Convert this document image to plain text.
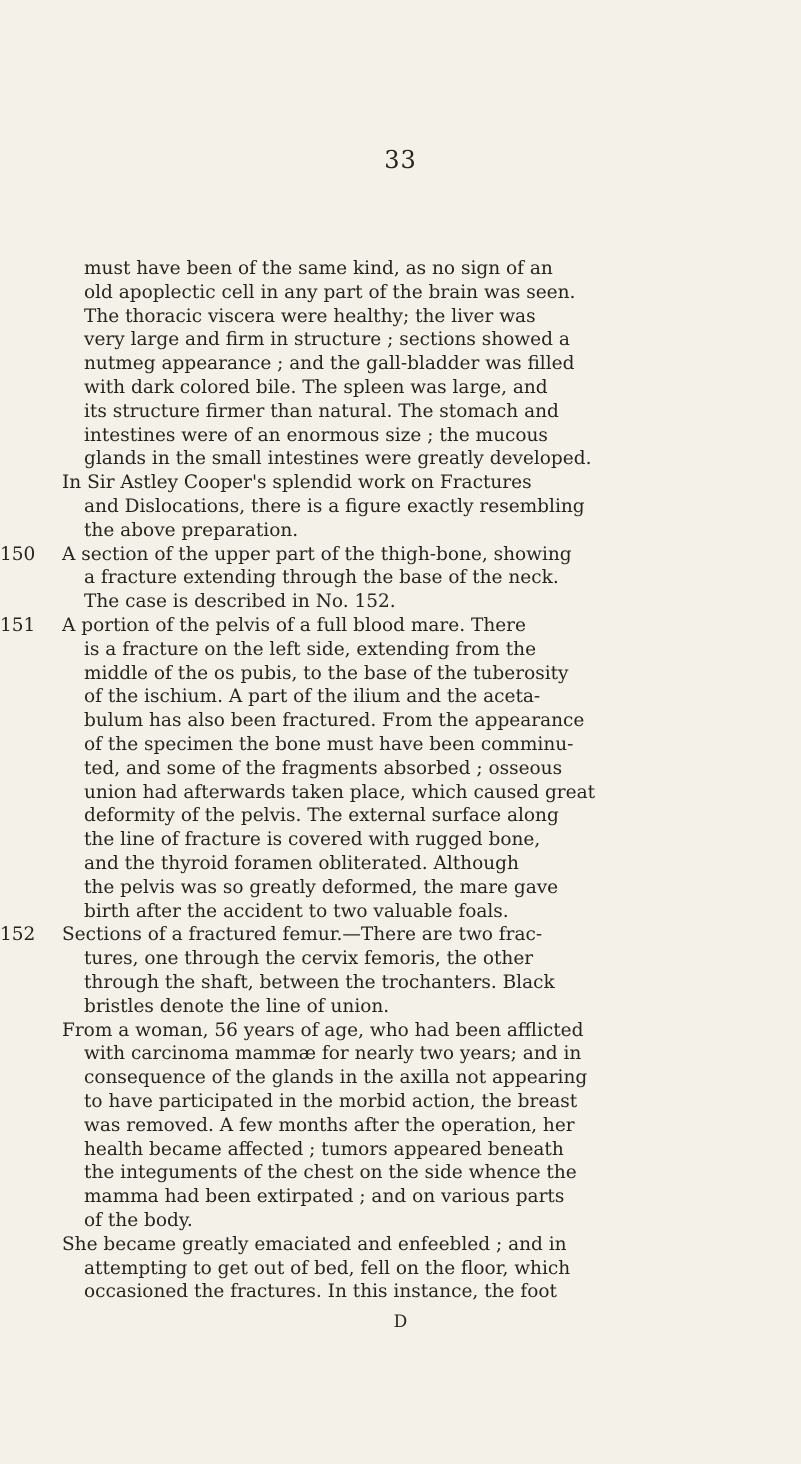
33
must have been of the same kind, as no sign of an
old apoplectic cell in any part of the brain was seen.
The thoracic viscera were healthy; the liver was
very large and firm in structure ; sections showed a
nutmeg appearance ; and the gall-bladder was filled
with dark colored bile. The spleen was large, and
its structure firmer than natural. The stomach and
intestines were of an enormous size ; the mucous
glands in the small intestines were greatly developed.
In Sir Astley Cooper's splendid work on Fractures
and Dislocations, there is a figure exactly resembling
the above preparation.
150 A section of the upper part of the thigh-bone, showing
a fracture extending through the base of the neck.
The case is described in No. 152.
151 A portion of the pelvis of a full blood mare. There
is a fracture on the left side, extending from the
middle of the os pubis, to the base of the tuberosity
of the ischium. A part of the ilium and the aceta-
bulum has also been fractured. From the appearance
of the specimen the bone must have been comminu-
ted, and some of the fragments absorbed ; osseous
union had afterwards taken place, which caused great
deformity of the pelvis. The external surface along
the line of fracture is covered with rugged bone,
and the thyroid foramen obliterated. Although
the pelvis was so greatly deformed, the mare gave
birth after the accident to two valuable foals.
152 Sections of a fractured femur.—There are two frac-
tures, one through the cervix femoris, the other
through the shaft, between the trochanters. Black
bristles denote the line of union.
From a woman, 56 years of age, who had been afflicted
with carcinoma mammæ for nearly two years; and in
consequence of the glands in the axilla not appearing
to have participated in the morbid action, the breast
was removed. A few months after the operation, her
health became affected ; tumors appeared beneath
the integuments of the chest on the side whence the
mamma had been extirpated ; and on various parts
of the body.
She became greatly emaciated and enfeebled ; and in
attempting to get out of bed, fell on the floor, which
occasioned the fractures. In this instance, the foot
D
